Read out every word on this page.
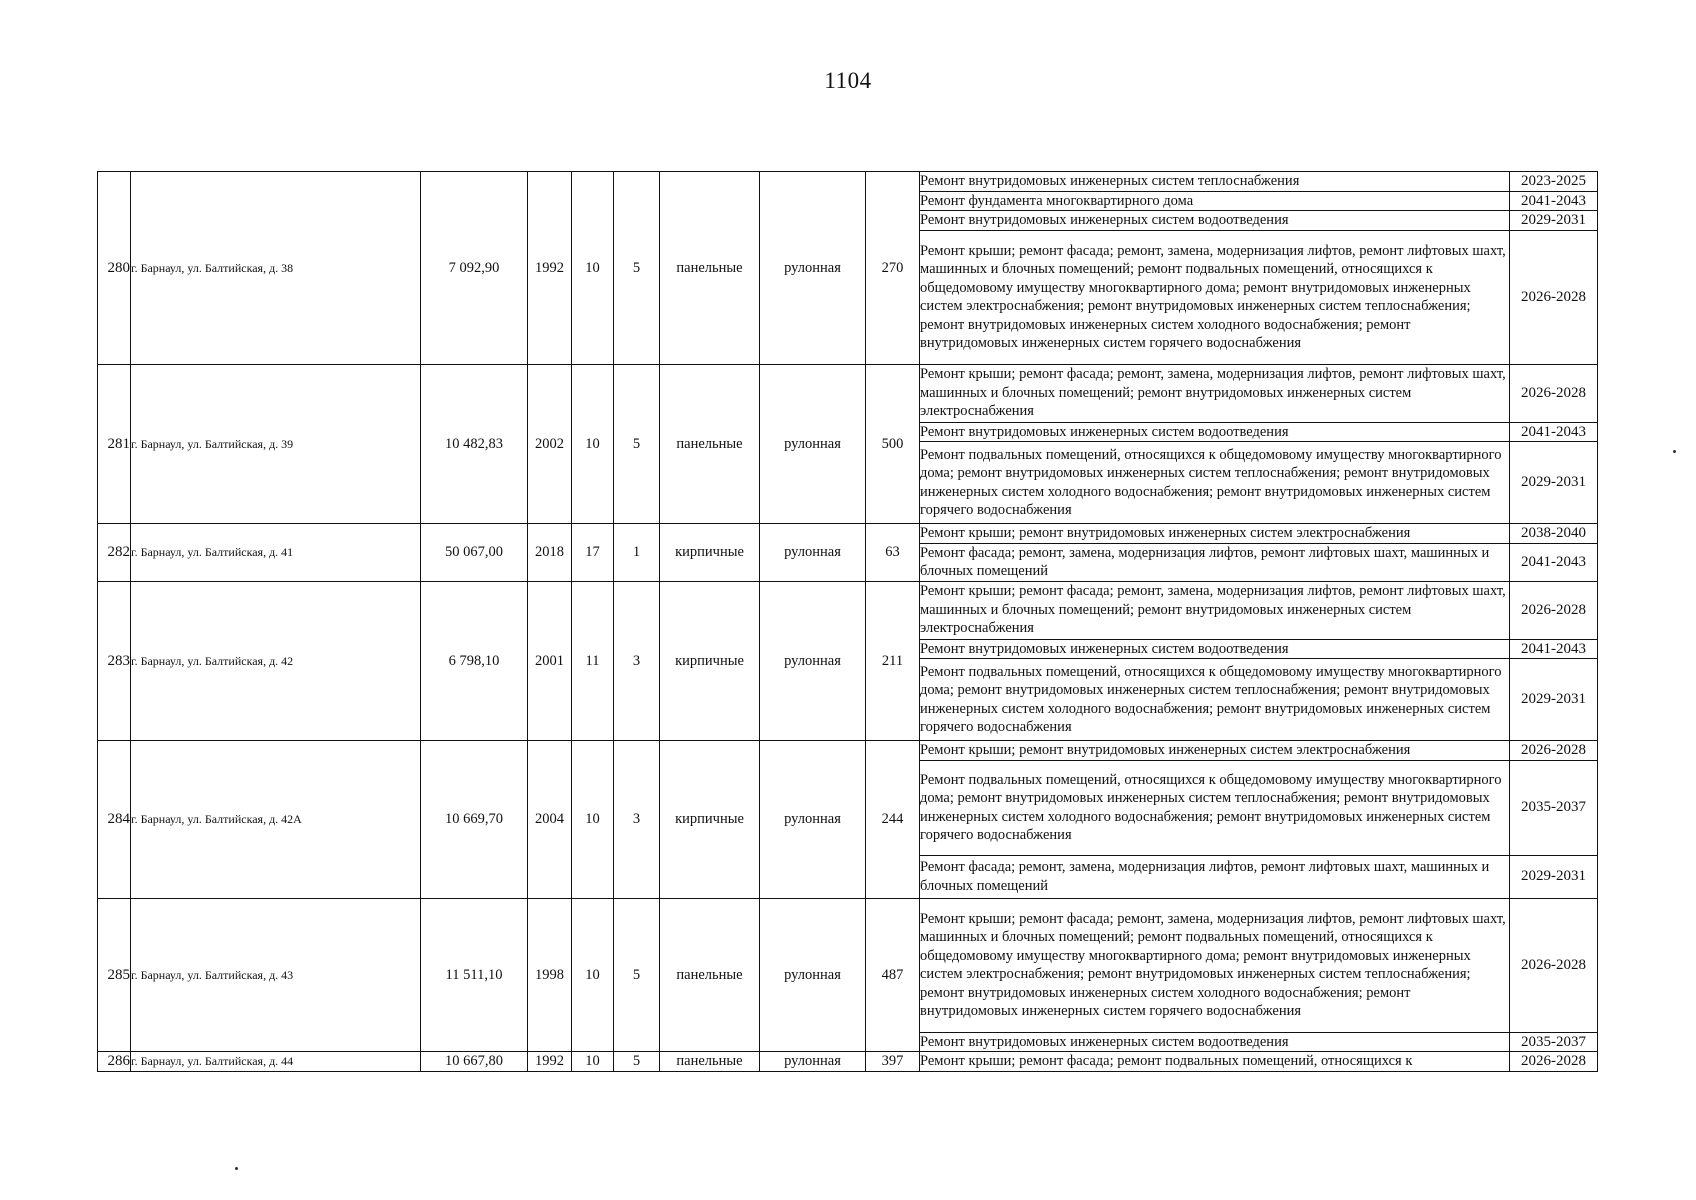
1104
280	г. Барнаул, ул. Балтийская, д. 38	7 092,90	1992	10	5	панельные	рулонная	270	Ремонт внутридомовых инженерных систем теплоснабжения	2023-2025
									Ремонт фундамента многоквартирного дома	2041-2043
									Ремонт внутридомовых инженерных систем водоотведения	2029-2031
									Ремонт крыши; ремонт фасада; ремонт, замена, модернизация лифтов, ремонт лифтовых шахт, машинных и блочных помещений; ремонт подвальных помещений, относящихся к общедомовому имуществу многоквартирного дома; ремонт внутридомовых инженерных систем электроснабжения; ремонт внутридомовых инженерных систем теплоснабжения; ремонт внутридомовых инженерных систем холодного водоснабжения; ремонт внутридомовых инженерных систем горячего водоснабжения	2026-2028
281	г. Барнаул, ул. Балтийская, д. 39	10 482,83	2002	10	5	панельные	рулонная	500	Ремонт крыши; ремонт фасада; ремонт, замена, модернизация лифтов, ремонт лифтовых шахт, машинных и блочных помещений; ремонт внутридомовых инженерных систем электроснабжения	2026-2028
									Ремонт внутридомовых инженерных систем водоотведения	2041-2043
									Ремонт подвальных помещений, относящихся к общедомовому имуществу многоквартирного дома; ремонт внутридомовых инженерных систем теплоснабжения; ремонт внутридомовых инженерных систем холодного водоснабжения; ремонт внутридомовых инженерных систем горячего водоснабжения	2029-2031
282	г. Барнаул, ул. Балтийская, д. 41	50 067,00	2018	17	1	кирпичные	рулонная	63	Ремонт крыши; ремонт внутридомовых инженерных систем электроснабжения	2038-2040
									Ремонт фасада; ремонт, замена, модернизация лифтов, ремонт лифтовых шахт, машинных и блочных помещений	2041-2043
283	г. Барнаул, ул. Балтийская, д. 42	6 798,10	2001	11	3	кирпичные	рулонная	211	Ремонт крыши; ремонт фасада; ремонт, замена, модернизация лифтов, ремонт лифтовых шахт, машинных и блочных помещений; ремонт внутридомовых инженерных систем электроснабжения	2026-2028
									Ремонт внутридомовых инженерных систем водоотведения	2041-2043
									Ремонт подвальных помещений, относящихся к общедомовому имуществу многоквартирного дома; ремонт внутридомовых инженерных систем теплоснабжения; ремонт внутридомовых инженерных систем холодного водоснабжения; ремонт внутридомовых инженерных систем горячего водоснабжения	2029-2031
284	г. Барнаул, ул. Балтийская, д. 42А	10 669,70	2004	10	3	кирпичные	рулонная	244	Ремонт крыши; ремонт внутридомовых инженерных систем электроснабжения	2026-2028
									Ремонт подвальных помещений, относящихся к общедомовому имуществу многоквартирного дома; ремонт внутридомовых инженерных систем теплоснабжения; ремонт внутридомовых инженерных систем холодного водоснабжения; ремонт внутридомовых инженерных систем горячего водоснабжения	2035-2037
									Ремонт фасада; ремонт, замена, модернизация лифтов, ремонт лифтовых шахт, машинных и блочных помещений	2029-2031
285	г. Барнаул, ул. Балтийская, д. 43	11 511,10	1998	10	5	панельные	рулонная	487	Ремонт крыши; ремонт фасада; ремонт, замена, модернизация лифтов, ремонт лифтовых шахт, машинных и блочных помещений; ремонт подвальных помещений, относящихся к общедомовому имуществу многоквартирного дома; ремонт внутридомовых инженерных систем электроснабжения; ремонт внутридомовых инженерных систем теплоснабжения; ремонт внутридомовых инженерных систем холодного водоснабжения; ремонт внутридомовых инженерных систем горячего водоснабжения	2026-2028
									Ремонт внутридомовых инженерных систем водоотведения	2035-2037
286	г. Барнаул, ул. Балтийская, д. 44	10 667,80	1992	10	5	панельные	рулонная	397	Ремонт крыши; ремонт фасада; ремонт подвальных помещений, относящихся к	2026-2028
